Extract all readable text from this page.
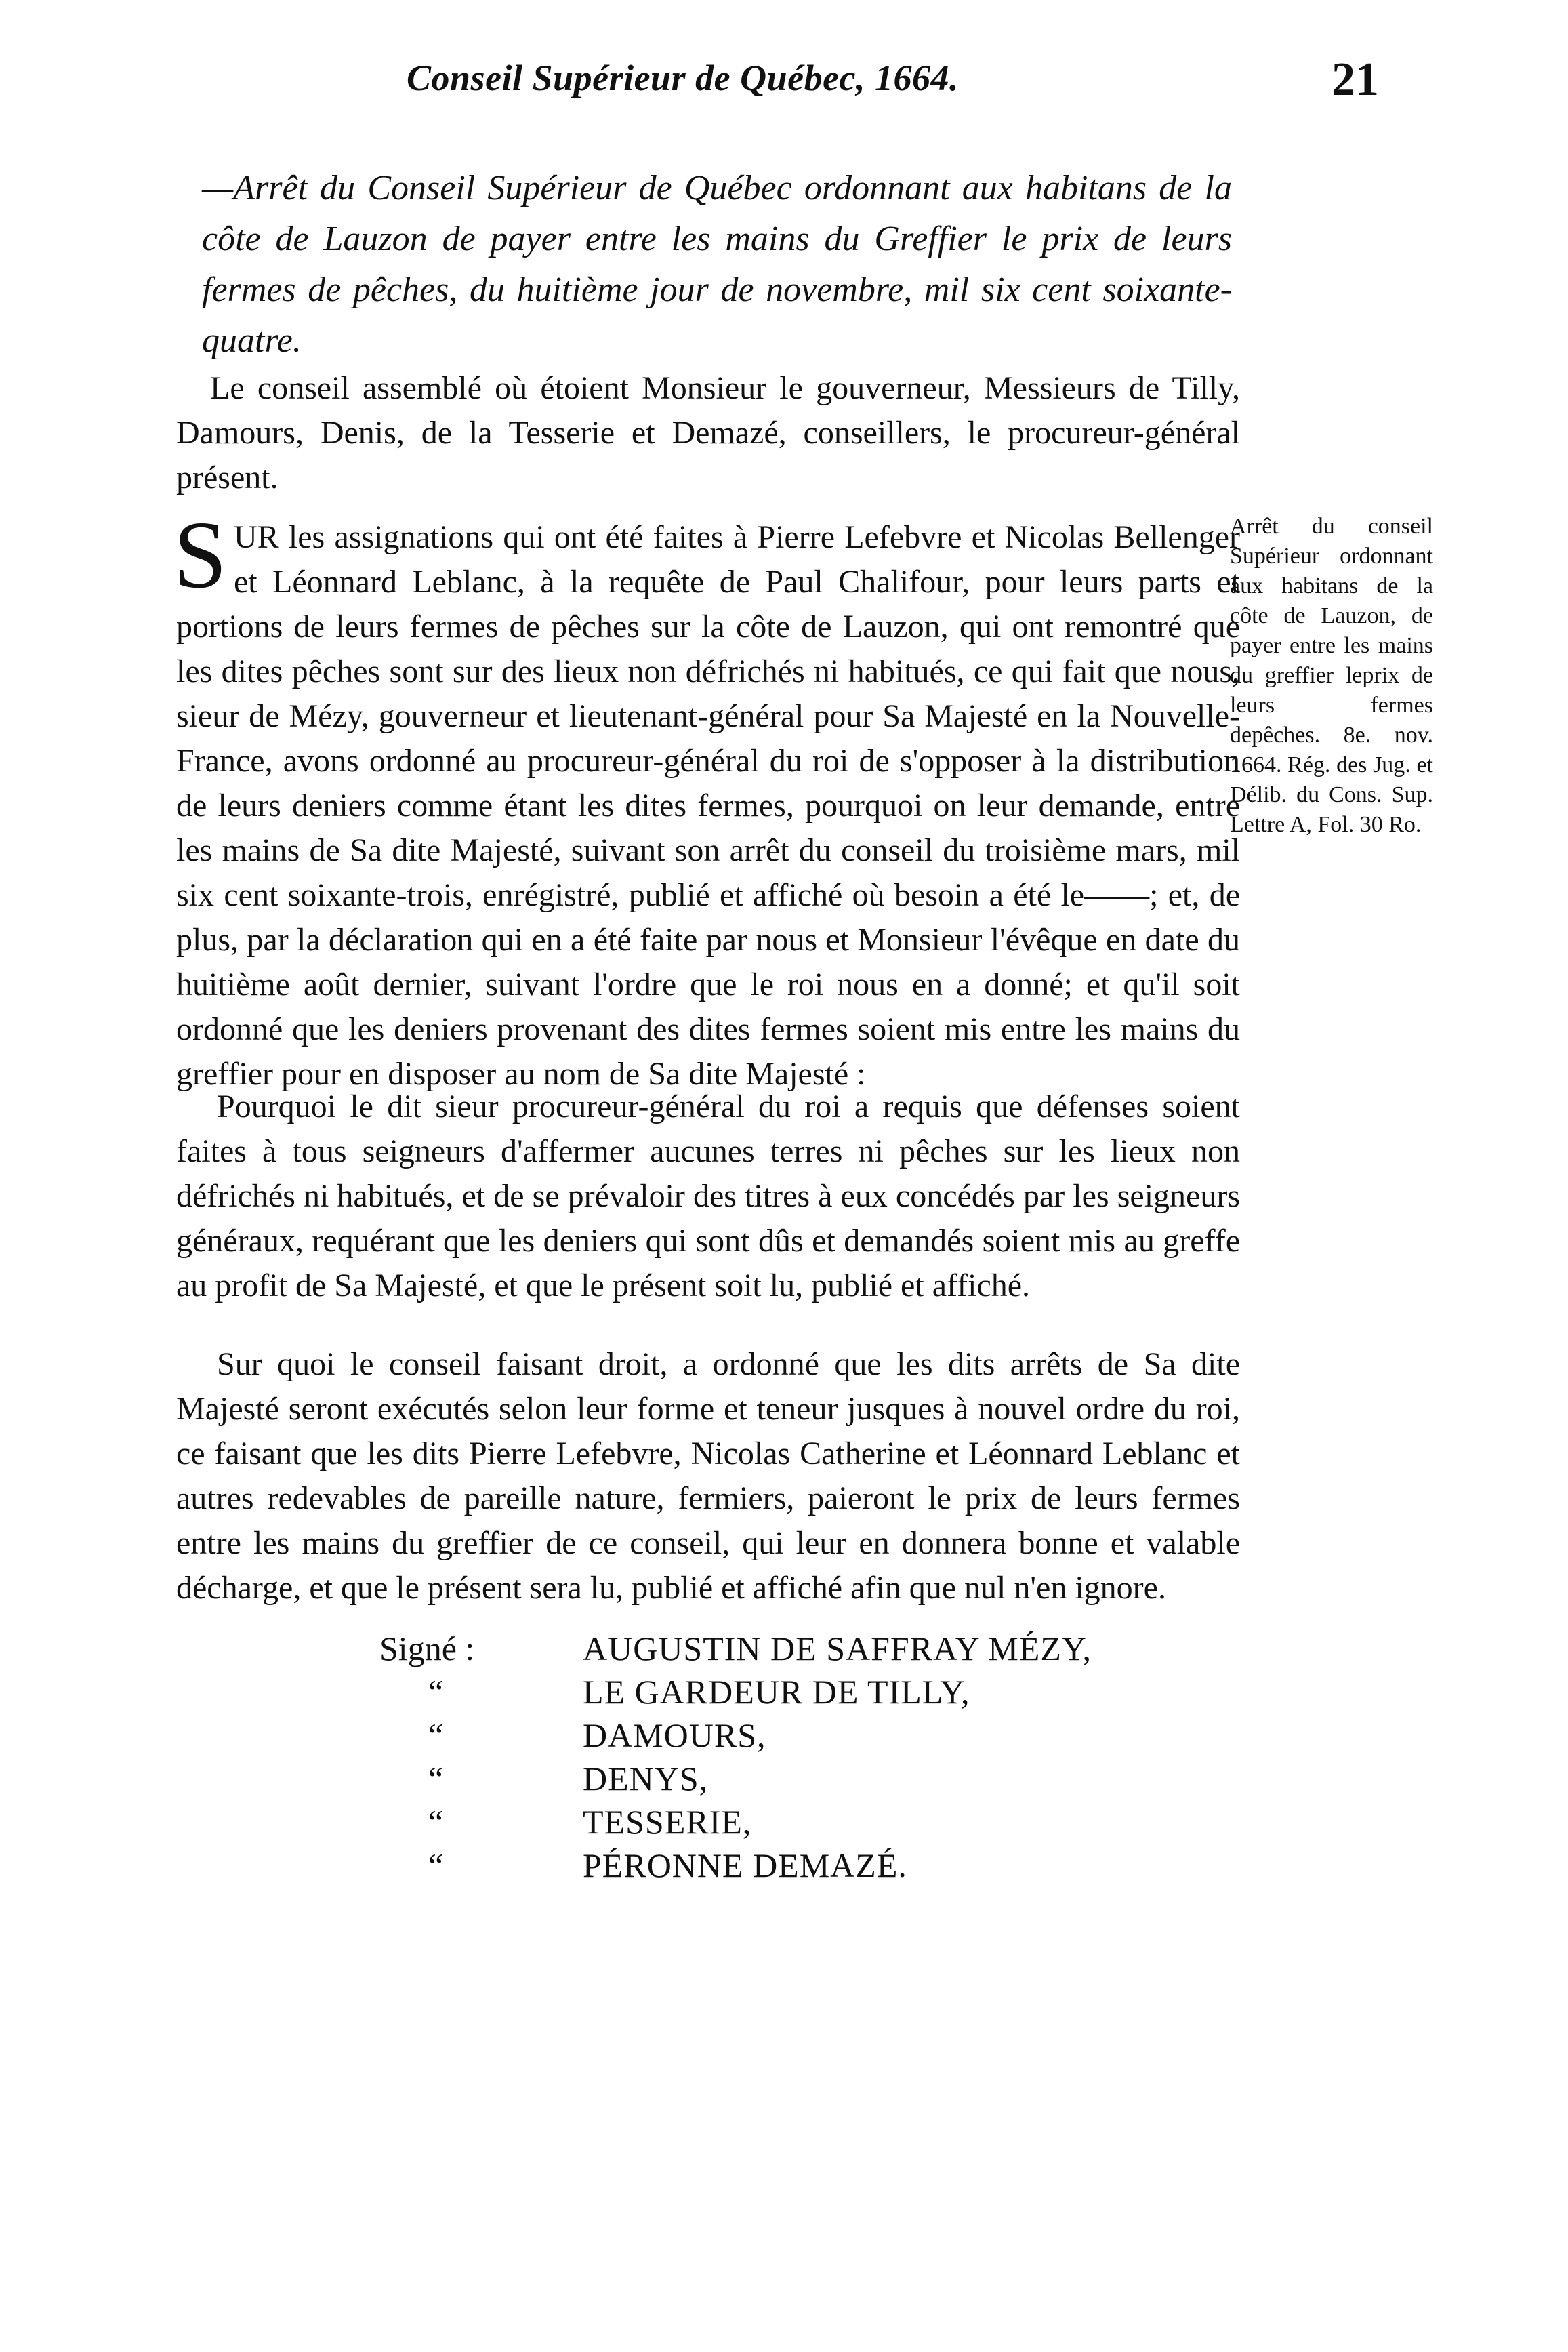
Conseil Supérieur de Québec, 1664.	21
—Arrêt du Conseil Supérieur de Québec ordonnant aux habitans de la côte de Lauzon de payer entre les mains du Greffier le prix de leurs fermes de pêches, du huitième jour de novembre, mil six cent soixante-quatre.
Le conseil assemblé où étoient Monsieur le gouverneur, Messieurs de Tilly, Damours, Denis, de la Tesserie et Demazé, conseillers, le procureur-général présent.
SUR les assignations qui ont été faites à Pierre Lefebvre et Nicolas Bellenger et Léonnard Leblanc, à la requête de Paul Chalifour, pour leurs parts et portions de leurs fermes de pêches sur la côte de Lauzon, qui ont remontré que les dites pêches sont sur des lieux non défrichés ni habitués, ce qui fait que nous, sieur de Mézy, gouverneur et lieutenant-général pour Sa Majesté en la Nouvelle-France, avons ordonné au procureur-général du roi de s'opposer à la distribution de leurs deniers comme étant les dites fermes, pourquoi on leur demande, entre les mains de Sa dite Majesté, suivant son arrêt du conseil du troisième mars, mil six cent soixante-trois, enrégistré, publié et affiché où besoin a été le——; et, de plus, par la déclaration qui en a été faite par nous et Monsieur l'évêque en date du huitième août dernier, suivant l'ordre que le roi nous en a donné; et qu'il soit ordonné que les deniers provenant des dites fermes soient mis entre les mains du greffier pour en disposer au nom de Sa dite Majesté :
Arrêt du conseil Supérieur ordonnant aux habitans de la côte de Lauzon, de payer entre les mains du greffier leprix de leurs fermes depêches. 8e. nov. 1664. Rég. des Jug. et Délib. du Cons. Sup. Lettre A, Fol. 30 Ro.
Pourquoi le dit sieur procureur-général du roi a requis que défenses soient faites à tous seigneurs d'affermer aucunes terres ni pêches sur les lieux non défrichés ni habitués, et de se prévaloir des titres à eux concédés par les seigneurs généraux, requérant que les deniers qui sont dûs et demandés soient mis au greffe au profit de Sa Majesté, et que le présent soit lu, publié et affiché.
Sur quoi le conseil faisant droit, a ordonné que les dits arrêts de Sa dite Majesté seront exécutés selon leur forme et teneur jusques à nouvel ordre du roi, ce faisant que les dits Pierre Lefebvre, Nicolas Catherine et Léonnard Leblanc et autres redevables de pareille nature, fermiers, paieront le prix de leurs fermes entre les mains du greffier de ce conseil, qui leur en donnera bonne et valable décharge, et que le présent sera lu, publié et affiché afin que nul n'en ignore.
Signé :	AUGUSTIN DE SAFFRAY MÉZY,
“	LE GARDEUR DE TILLY,
“	DAMOURS,
“	DENYS,
“	TESSERIE,
“	PÉRONNE DEMAZÉ.
